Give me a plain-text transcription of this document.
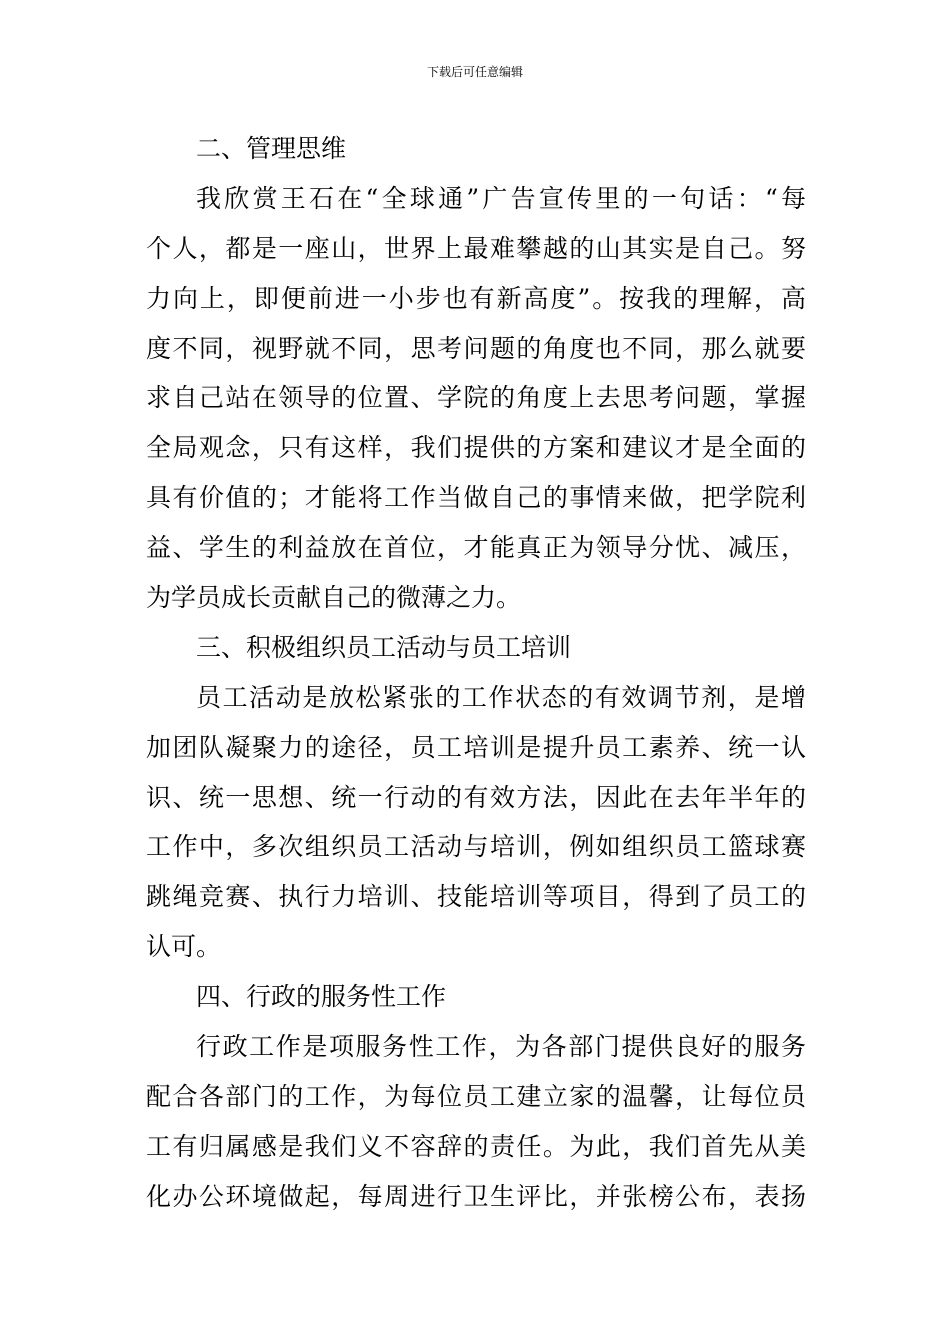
下载后可任意编辑
二、管理思维
我欣赏王石在“全球通”广告宣传里的一句话：“每
个人，都是一座山，世界上最难攀越的山其实是自己。努
力向上，即便前进一小步也有新高度”。按我的理解，高
度不同，视野就不同，思考问题的角度也不同，那么就要
求自己站在领导的位置、学院的角度上去思考问题，掌握
全局观念，只有这样，我们提供的方案和建议才是全面的
具有价值的；才能将工作当做自己的事情来做，把学院利
益、学生的利益放在首位，才能真正为领导分忧、减压，
为学员成长贡献自己的微薄之力。
三、积极组织员工活动与员工培训
员工活动是放松紧张的工作状态的有效调节剂，是增
加团队凝聚力的途径，员工培训是提升员工素养、统一认
识、统一思想、统一行动的有效方法，因此在去年半年的
工作中，多次组织员工活动与培训，例如组织员工篮球赛
跳绳竞赛、执行力培训、技能培训等项目，得到了员工的
认可。
四、行政的服务性工作
行政工作是项服务性工作，为各部门提供良好的服务
配合各部门的工作，为每位员工建立家的温馨，让每位员
工有归属感是我们义不容辞的责任。为此，我们首先从美
化办公环境做起，每周进行卫生评比，并张榜公布，表扬
